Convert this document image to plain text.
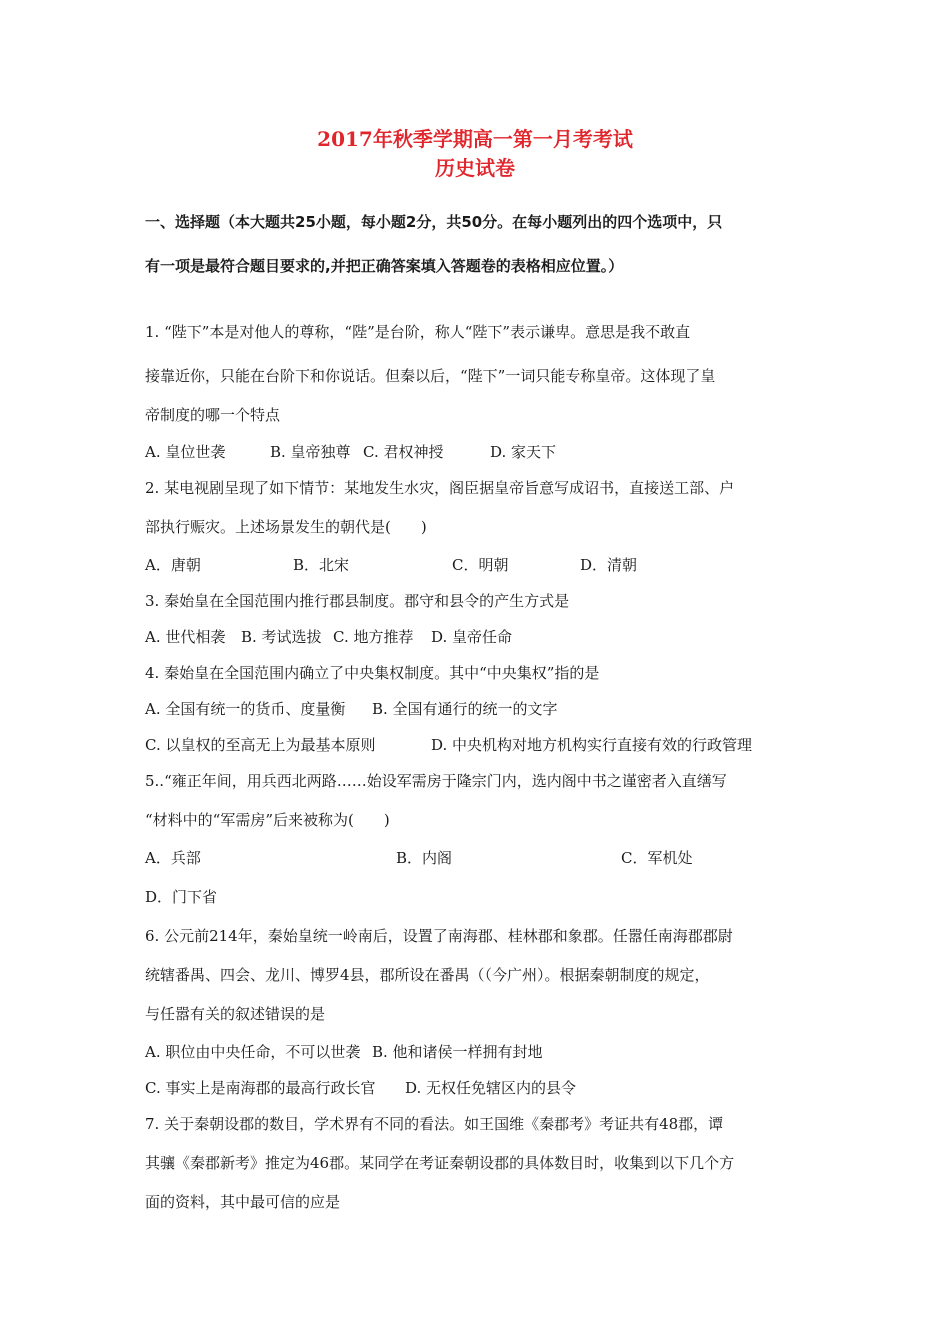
2017年秋季学期高一第一月考考试
历史试卷
一、选择题（本大题共25小题，每小题2分，共50分。在每小题列出的四个选项中，只
有一项是最符合题目要求的,并把正确答案填入答题卷的表格相应位置。）
1. “陛下”本是对他人的尊称，“陛”是台阶，称人“陛下”表示谦卑。意思是我不敢直
接靠近你，只能在台阶下和你说话。但秦以后，“陛下”一词只能专称皇帝。这体现了皇
帝制度的哪一个特点
A. 皇位世袭	B. 皇帝独尊 C. 君权神授	D. 家天下
2. 某电视剧呈现了如下情节：某地发生水灾，阁臣据皇帝旨意写成诏书，直接送工部、户
部执行赈灾。上述场景发生的朝代是(　　)
A．唐朝	B．北宋	C．明朝	D．清朝
3. 秦始皇在全国范围内推行郡县制度。郡守和县令的产生方式是
A. 世代相袭 B. 考试选拔 C. 地方推荐 D. 皇帝任命
4. 秦始皇在全国范围内确立了中央集权制度。其中“中央集权”指的是
A. 全国有统一的货币、度量衡 B. 全国有通行的统一的文字
C. 以皇权的至高无上为最基本原则	D. 中央机构对地方机构实行直接有效的行政管理
5..“雍正年间，用兵西北两路……始设军需房于隆宗门内，选内阁中书之谨密者入直缮写
“材料中的“军需房”后来被称为(　　)
A．兵部	B．内阁	C．军机处
D．门下省
6. 公元前214年，秦始皇统一岭南后，设置了南海郡、桂林郡和象郡。任嚣任南海郡郡尉
统辖番禺、四会、龙川、博罗4县，郡所设在番禺（（今广州）。根据秦朝制度的规定，
与任嚣有关的叙述错误的是
A. 职位由中央任命，不可以世袭 B. 他和诸侯一样拥有封地
C. 事实上是南海郡的最高行政长官 D. 无权任免辖区内的县令
7. 关于秦朝设郡的数目，学术界有不同的看法。如王国维《秦郡考》考证共有48郡，谭
其骧《秦郡新考》推定为46郡。某同学在考证秦朝设郡的具体数目时，收集到以下几个方
面的资料，其中最可信的应是
